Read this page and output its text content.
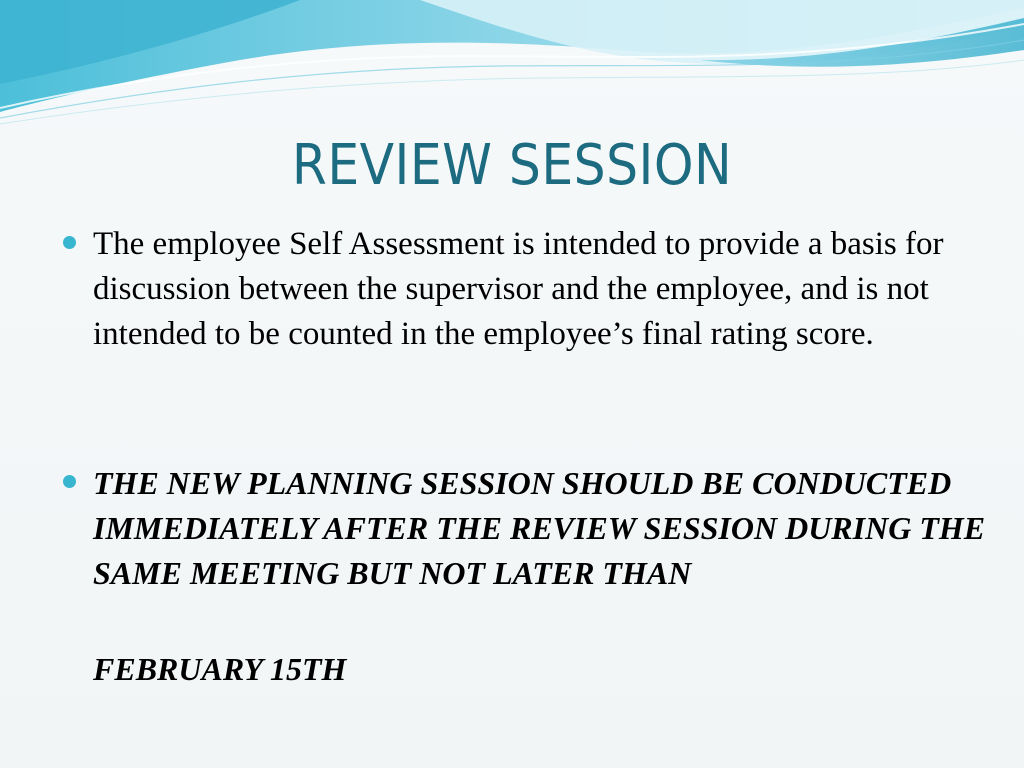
REVIEW SESSION
The employee Self Assessment is intended to provide a basis for discussion between the supervisor and the employee, and is not intended to be counted in the employee’s final rating score.
THE NEW PLANNING SESSION SHOULD BE CONDUCTED IMMEDIATELY AFTER THE REVIEW SESSION DURING THE SAME MEETING BUT NOT LATER THAN
FEBRUARY 15TH
